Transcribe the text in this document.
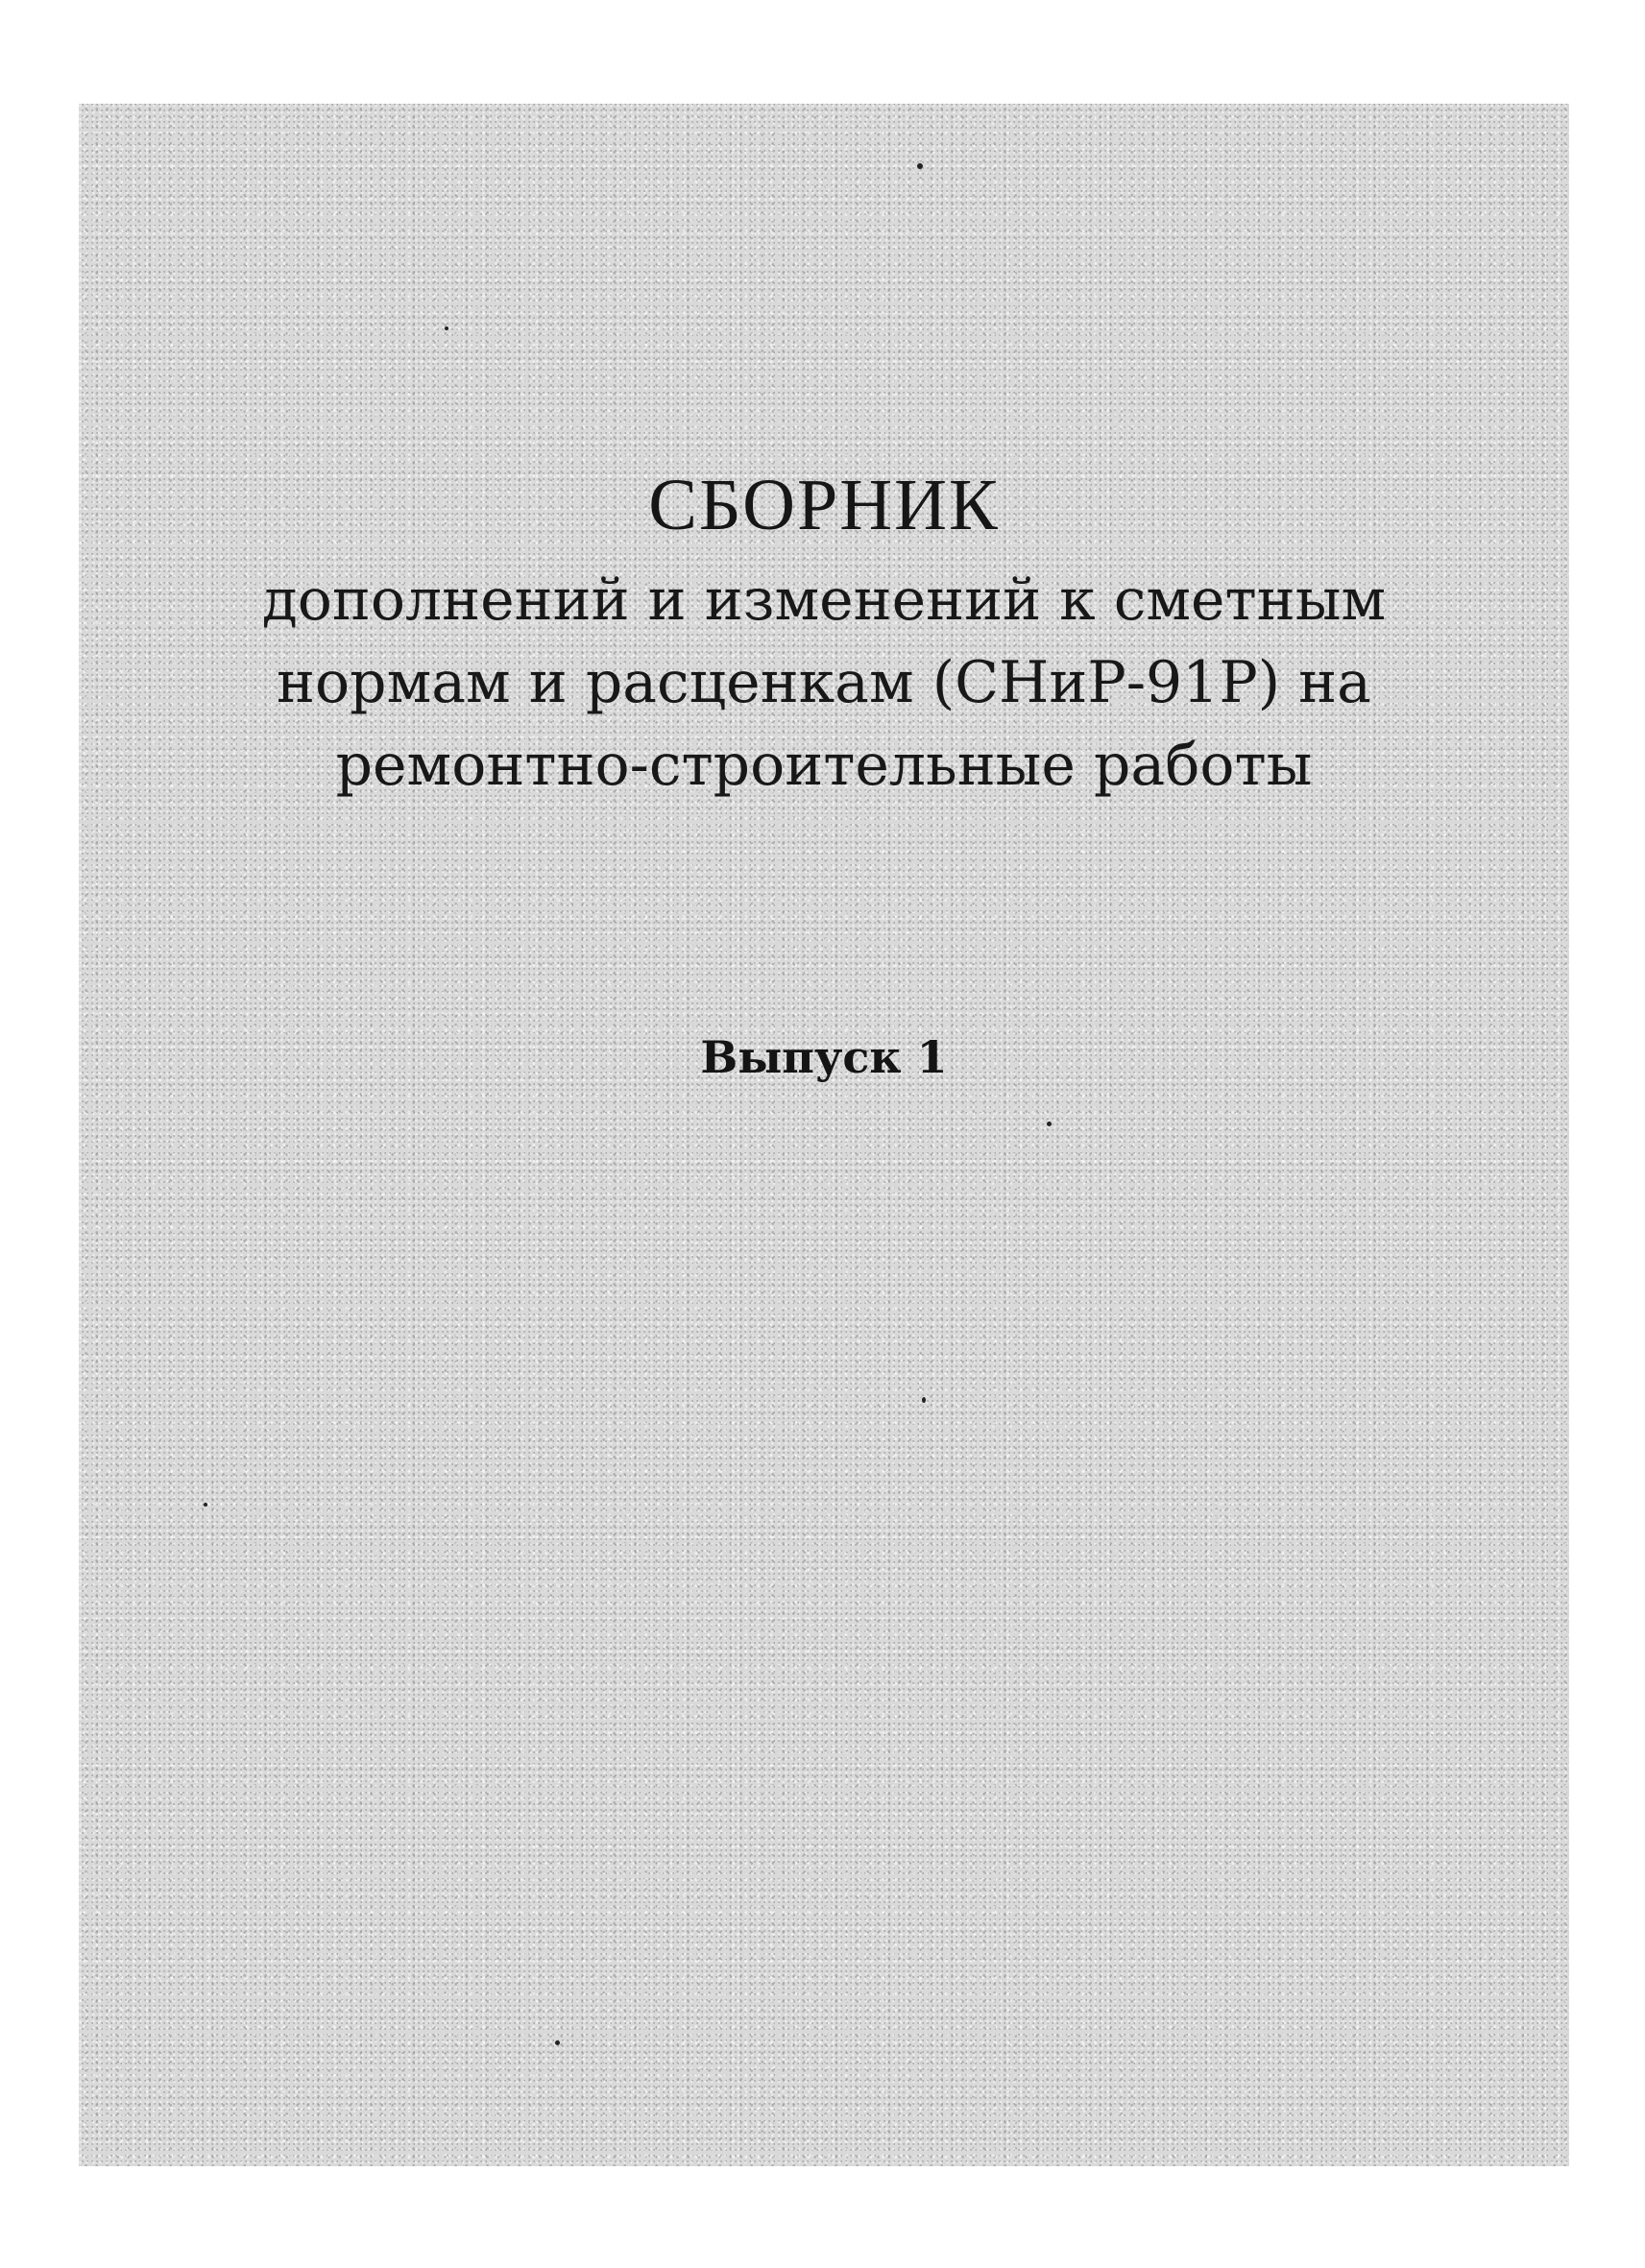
СБОРНИК

дополнений и изменений к сметным
нормам и расценкам (СНиР-91Р) на
ремонтно-строительные работы

Выпуск 1
